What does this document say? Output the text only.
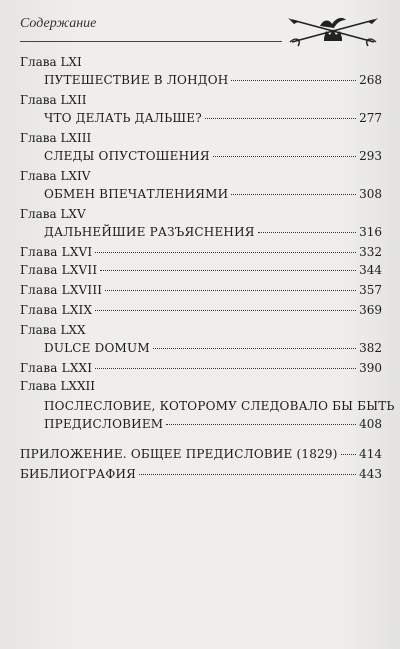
Содержание
Глава LXI
ПУТЕШЕСТВИЕ В ЛОНДОН	268
Глава LXII
ЧТО ДЕЛАТЬ ДАЛЬШЕ?	277
Глава LXIII
СЛЕДЫ ОПУСТОШЕНИЯ	293
Глава LXIV
ОБМЕН ВПЕЧАТЛЕНИЯМИ	308
Глава LXV
ДАЛЬНЕЙШИЕ РАЗЪЯСНЕНИЯ	316
Глава LXVI	332
Глава LXVII	344
Глава LXVIII	357
Глава LXIX	369
Глава LXX
DULCE DOMUM	382
Глава LXXI	390
Глава LXXII
ПОСЛЕСЛОВИЕ, КОТОРОМУ СЛЕДОВАЛО БЫ БЫТЬ
ПРЕДИСЛОВИЕМ	408
ПРИЛОЖЕНИЕ. ОБЩЕЕ ПРЕДИСЛОВИЕ (1829) 414
БИБЛИОГРАФИЯ	443
